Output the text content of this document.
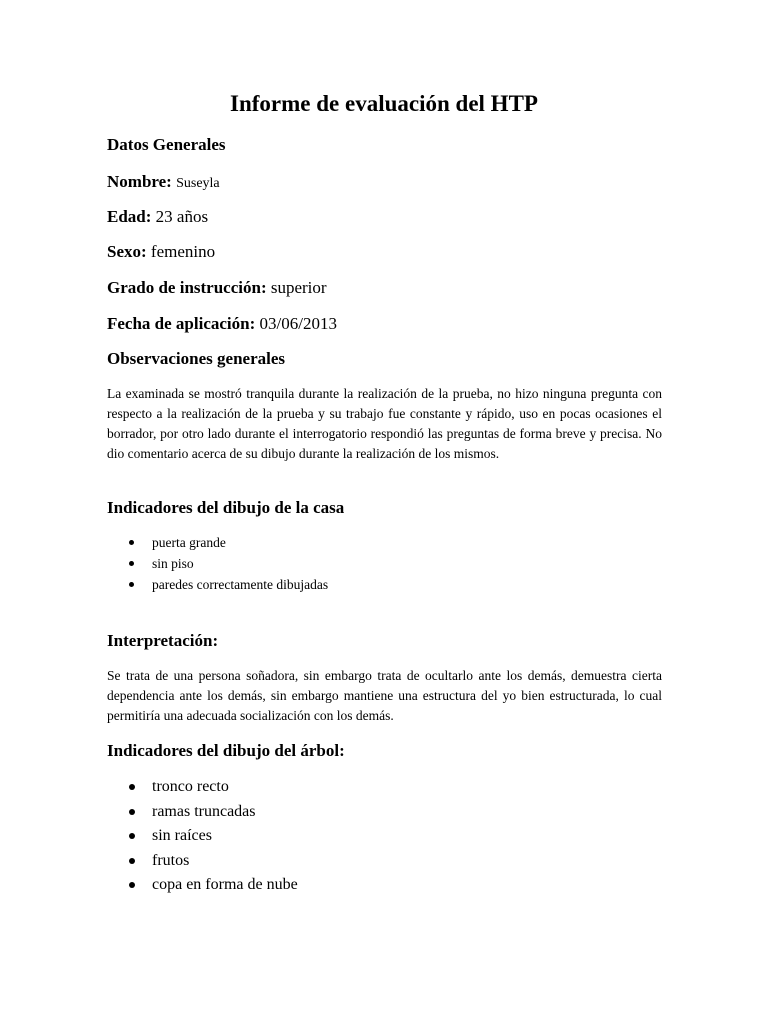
Informe de evaluación del HTP
Datos Generales
Nombre: Suseyla
Edad: 23 años
Sexo: femenino
Grado de instrucción: superior
Fecha de aplicación: 03/06/2013
Observaciones generales
La examinada se mostró tranquila durante la realización de la prueba, no hizo ninguna pregunta con respecto a la realización de la prueba y su trabajo fue constante y rápido, uso en pocas ocasiones el borrador, por otro lado durante el interrogatorio respondió las preguntas de forma breve y precisa. No dio comentario acerca de su dibujo durante la realización de los mismos.
Indicadores del dibujo de la casa
puerta grande
sin piso
paredes correctamente dibujadas
Interpretación:
Se trata de una persona soñadora, sin embargo trata de ocultarlo ante los demás, demuestra cierta dependencia ante los demás, sin embargo mantiene una estructura del yo bien estructurada, lo cual permitiría una adecuada socialización con los demás.
Indicadores del dibujo del árbol:
tronco recto
ramas truncadas
sin raíces
frutos
copa en forma de nube
